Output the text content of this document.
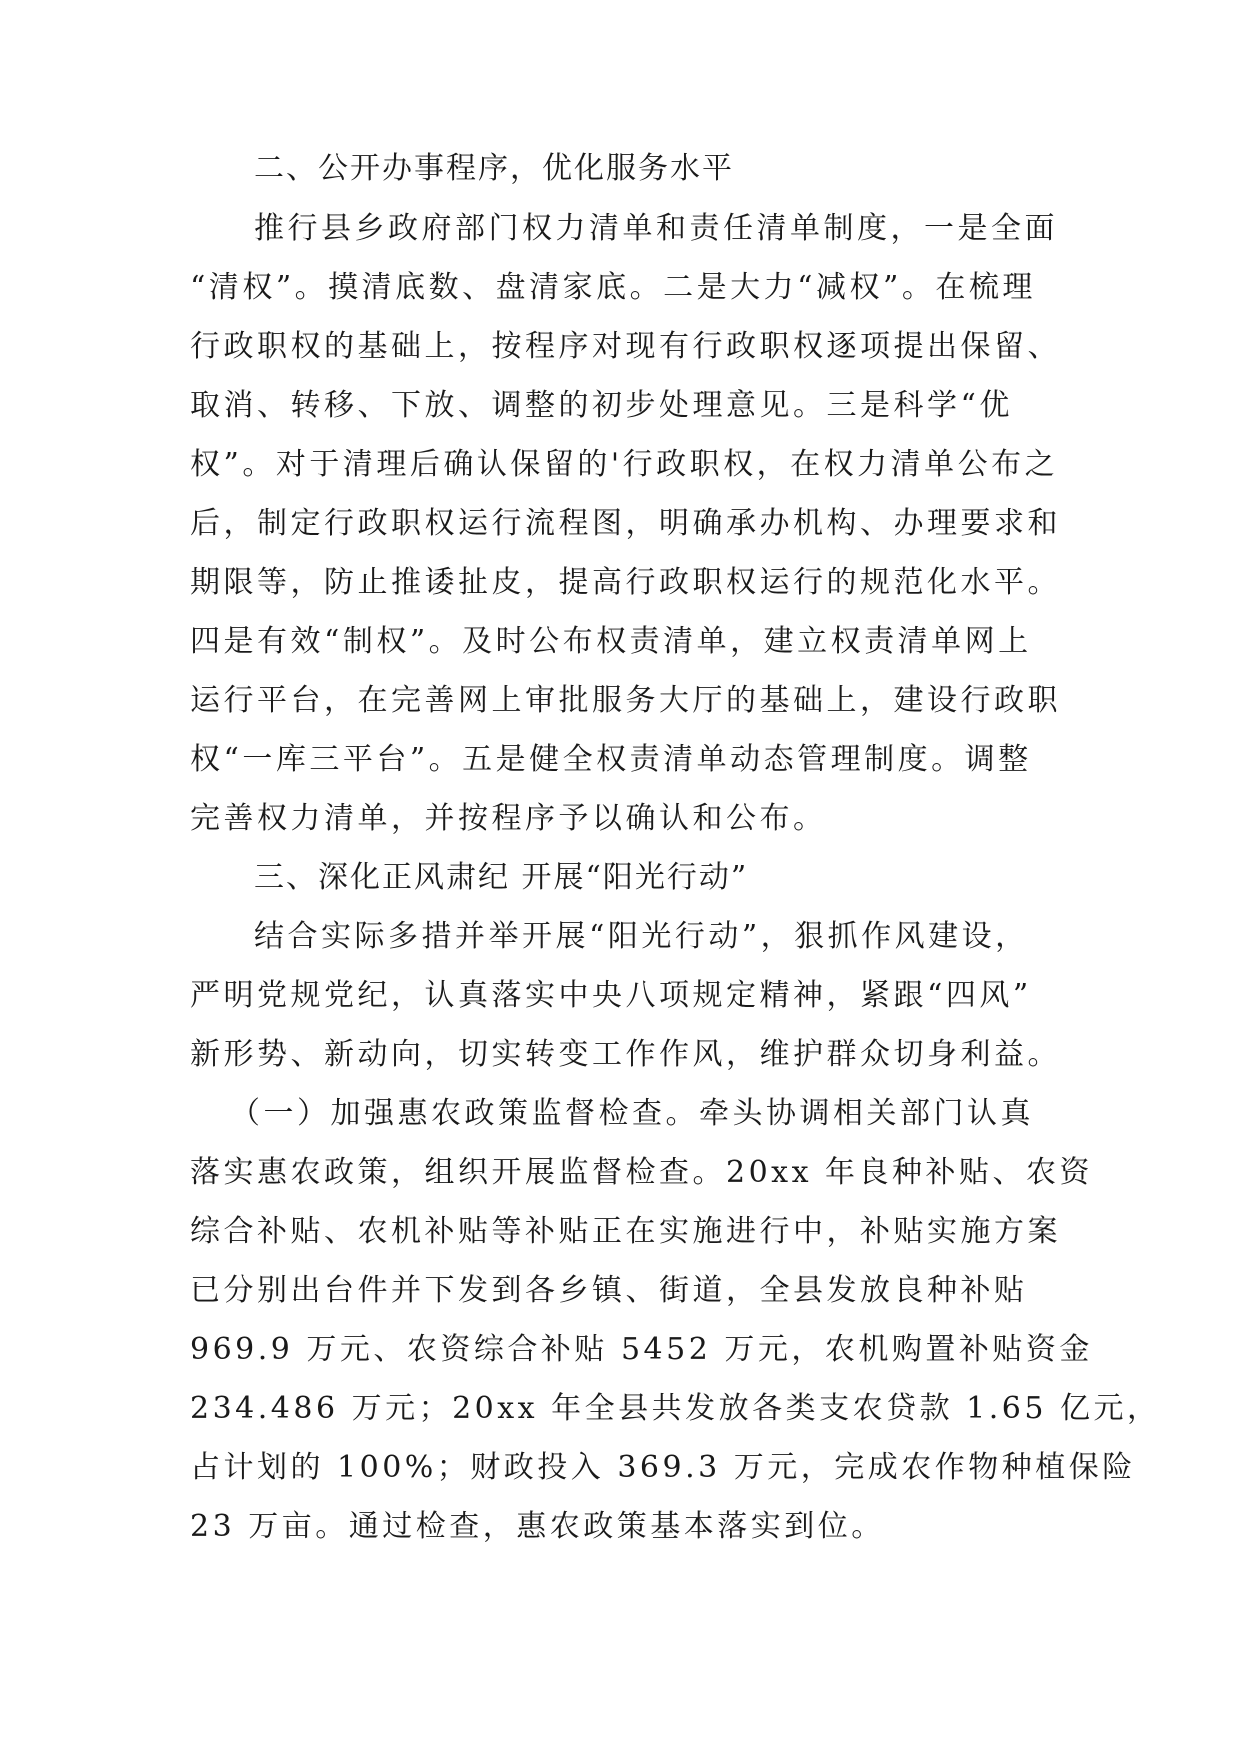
二、公开办事程序，优化服务水平
推行县乡政府部门权力清单和责任清单制度，一是全面
“清权”。摸清底数、盘清家底。二是大力“减权”。在梳理
行政职权的基础上，按程序对现有行政职权逐项提出保留、
取消、转移、下放、调整的初步处理意见。三是科学“优
权”。对于清理后确认保留的'行政职权，在权力清单公布之
后，制定行政职权运行流程图，明确承办机构、办理要求和
期限等，防止推诿扯皮，提高行政职权运行的规范化水平。
四是有效“制权”。及时公布权责清单，建立权责清单网上
运行平台，在完善网上审批服务大厅的基础上，建设行政职
权“一库三平台”。五是健全权责清单动态管理制度。调整
完善权力清单，并按程序予以确认和公布。
三、深化正风肃纪 开展“阳光行动”
结合实际多措并举开展“阳光行动”，狠抓作风建设，
严明党规党纪，认真落实中央八项规定精神，紧跟“四风”
新形势、新动向，切实转变工作作风，维护群众切身利益。
（一）加强惠农政策监督检查。牵头协调相关部门认真
落实惠农政策，组织开展监督检查。20xx 年良种补贴、农资
综合补贴、农机补贴等补贴正在实施进行中，补贴实施方案
已分别出台件并下发到各乡镇、街道，全县发放良种补贴
969.9 万元、农资综合补贴 5452 万元，农机购置补贴资金
234.486 万元；20xx 年全县共发放各类支农贷款 1.65 亿元，
占计划的 100%；财政投入 369.3 万元，完成农作物种植保险
23 万亩。通过检查，惠农政策基本落实到位。
